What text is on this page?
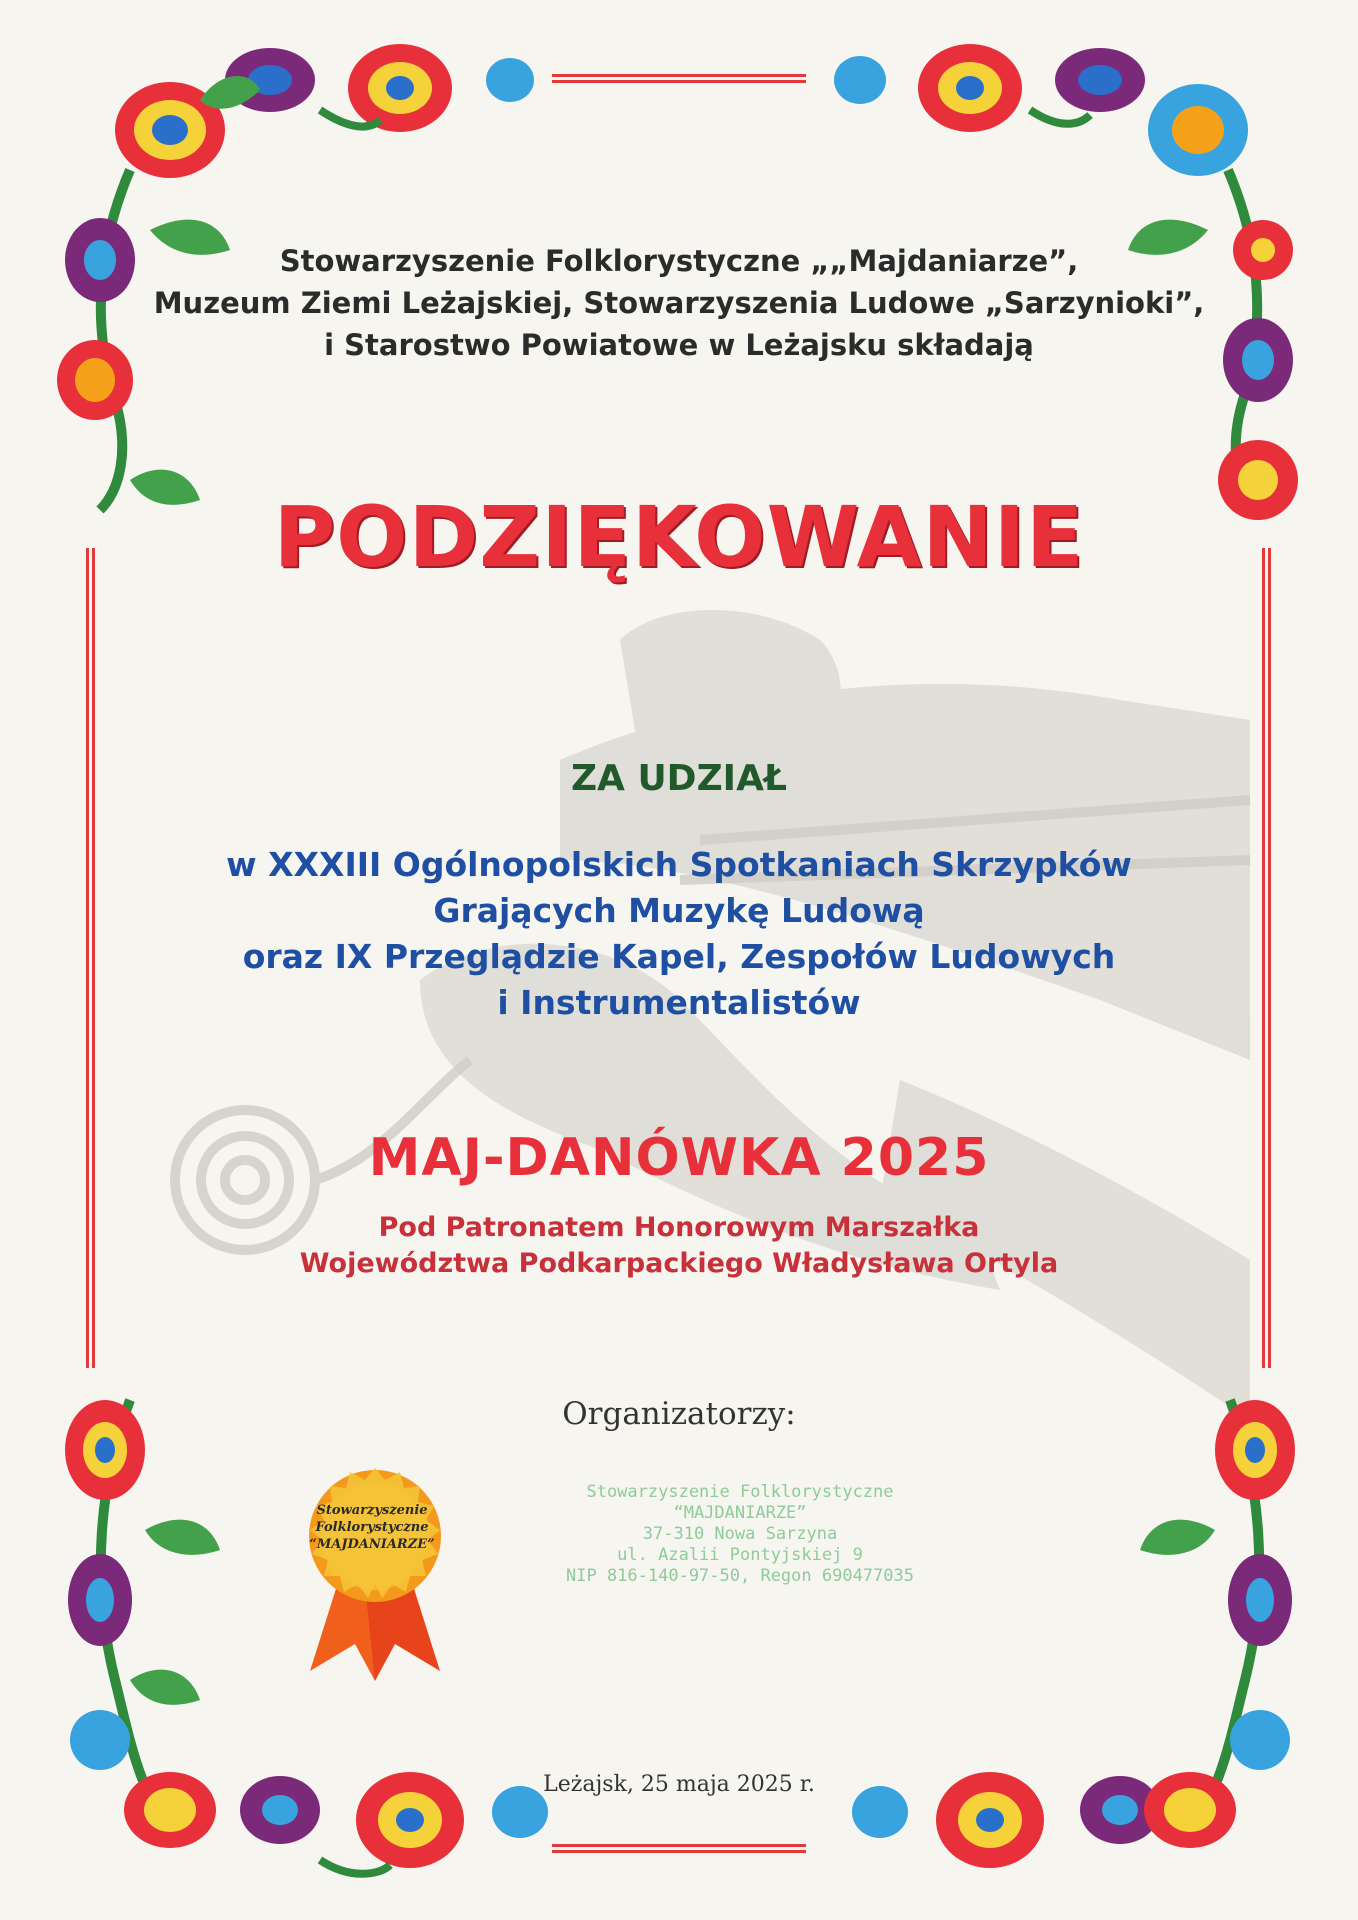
Stowarzyszenie Folklorystyczne „„Majdaniarze”,
Muzeum Ziemi Leżajskiej, Stowarzyszenia Ludowe „Sarzynioki”,
i Starostwo Powiatowe w Leżajsku składają
PODZIĘKOWANIE
ZA UDZIAŁ
w XXXIII Ogólnopolskich Spotkaniach Skrzypków
Grających Muzykę Ludową
oraz IX Przeglądzie Kapel, Zespołów Ludowych
i Instrumentalistów
MAJ-DANÓWKA 2025
Pod Patronatem Honorowym Marszałka
Województwa Podkarpackiego Władysława Ortyla
Organizatorzy:
Stowarzyszenie
Folklorystyczne
“MAJDANIARZE”
Stowarzyszenie Folklorystyczne
“MAJDANIARZE”
37-310 Nowa Sarzyna
ul. Azalii Pontyjskiej 9
NIP 816-140-97-50, Regon 690477035
Leżajsk, 25 maja 2025 r.
